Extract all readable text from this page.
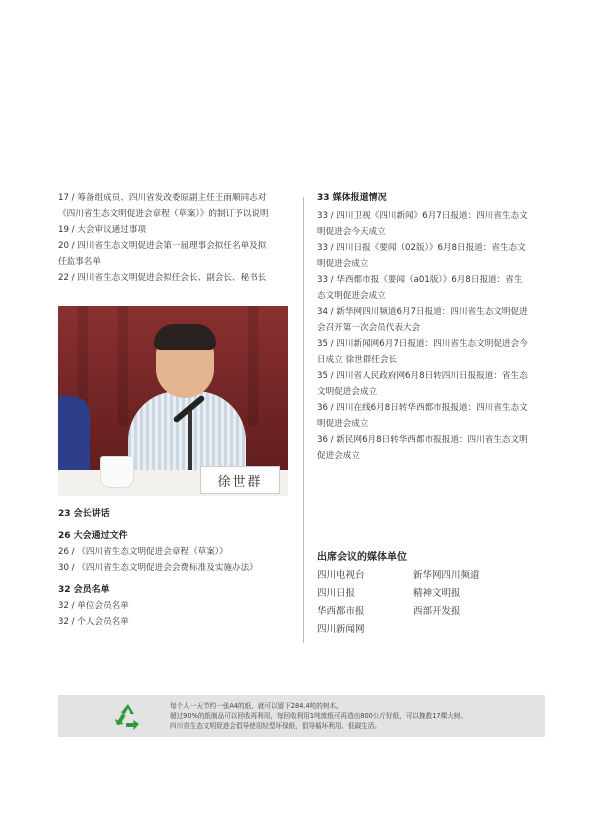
17 / 筹备组成员、四川省发改委原副主任王雨顺同志对

《四川省生态文明促进会章程（草案）》的制订予以说明

19 / 大会审议通过事项

20 / 四川省生态文明促进会第一届理事会拟任名单及拟

任监事名单

22 / 四川省生态文明促进会拟任会长、副会长、秘书长

徐世群

23 会长讲话

26 大会通过文件

26 / 《四川省生态文明促进会章程（草案）》

30 / 《四川省生态文明促进会会费标准及实施办法》

32 会员名单

32 / 单位会员名单

32 / 个人会员名单

33 媒体报道情况

33 / 四川卫视《四川新闻》6月7日报道：四川省生态文

明促进会今天成立

33 / 四川日报《要闻（02版）》6月8日报道：省生态文

明促进会成立

33 / 华西都市报《要闻（a01版）》6月8日报道：省生

态文明促进会成立

34 / 新华网四川频道6月7日报道：四川省生态文明促进

会召开第一次会员代表大会

35 / 四川新闻网6月7日报道：四川省生态文明促进会今

日成立 徐世群任会长

35 / 四川省人民政府网6月8日转四川日报报道：省生态

文明促进会成立

36 / 四川在线6月8日转华西都市报报道：四川省生态文

明促进会成立

36 / 新民网6月8日转华西都市报报道：四川省生态文明

促进会成立

出席会议的媒体单位
四川电视台	新华网四川频道
四川日报	精神文明报
华西都市报	西部开发报
四川新闻网
每个人一天节约一张A4的纸，就可以留下284.4吨的树木。
超过90%的纸制品可以回收再利用，每回收利用1吨废纸可再造出800公斤好纸，可以挽救17棵大树。
四川省生态文明促进会倡导使用轻型环保纸，倡导循环利用、低碳生活。
